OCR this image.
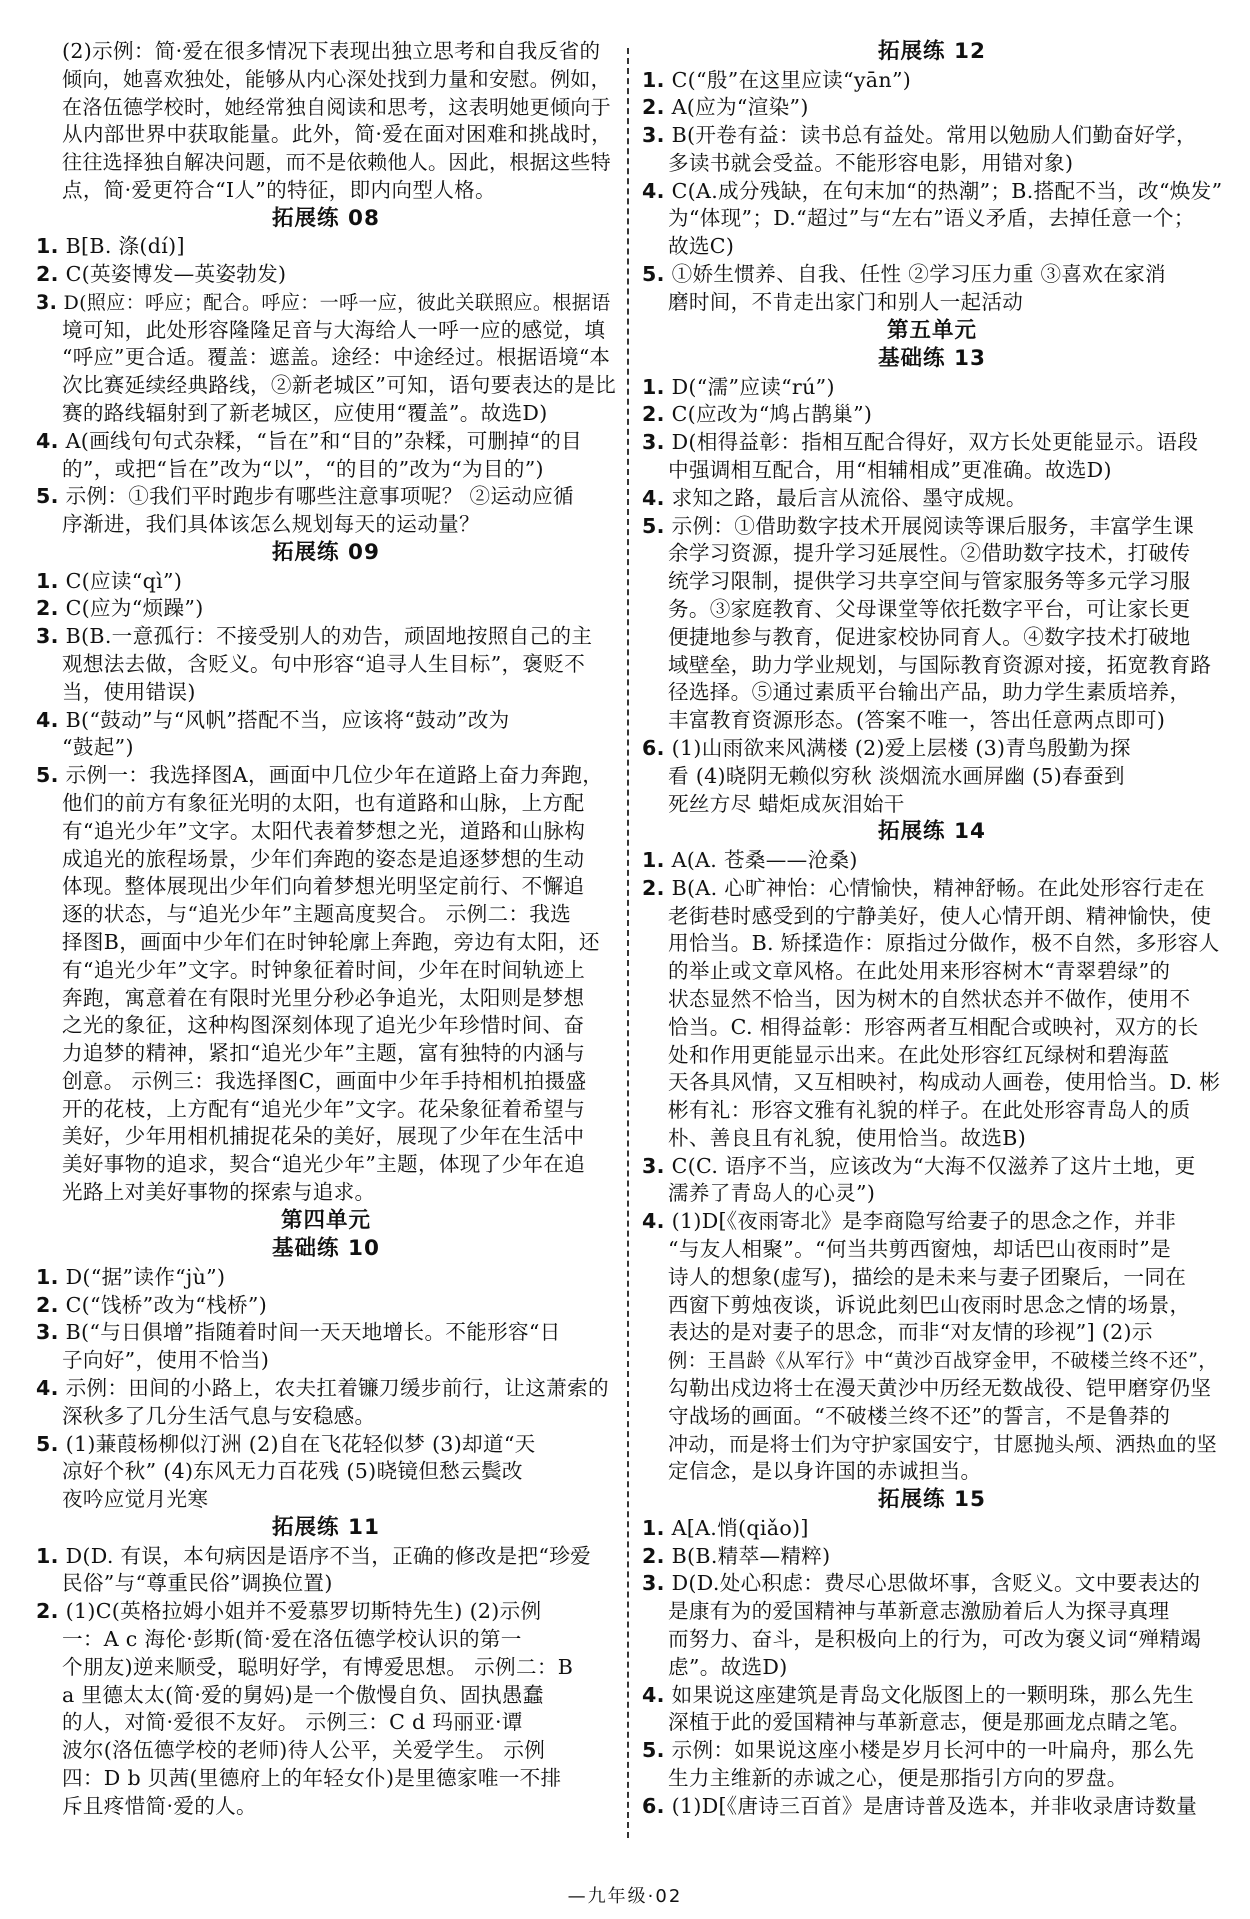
(2)示例：简·爱在很多情况下表现出独立思考和自我反省的
倾向，她喜欢独处，能够从内心深处找到力量和安慰。例如，
在洛伍德学校时，她经常独自阅读和思考，这表明她更倾向于
从内部世界中获取能量。此外，简·爱在面对困难和挑战时，
往往选择独自解决问题，而不是依赖他人。因此，根据这些特
点，简·爱更符合“I人”的特征，即内向型人格。
拓展练 08
1. B[B. 涤(dí)]
2. C(英姿博发—英姿勃发)
3. D(照应：呼应；配合。呼应：一呼一应，彼此关联照应。根据语
境可知，此处形容隆隆足音与大海给人一呼一应的感觉，填
“呼应”更合适。覆盖：遮盖。途经：中途经过。根据语境“本
次比赛延续经典路线，②新老城区”可知，语句要表达的是比
赛的路线辐射到了新老城区，应使用“覆盖”。故选D)
4. A(画线句句式杂糅，“旨在”和“目的”杂糅，可删掉“的目
的”，或把“旨在”改为“以”，“的目的”改为“为目的”)
5. 示例：①我们平时跑步有哪些注意事项呢？ ②运动应循
序渐进，我们具体该怎么规划每天的运动量？
拓展练 09
1. C(应读“qì”)
2. C(应为“烦躁”)
3. B(B.一意孤行：不接受别人的劝告，顽固地按照自己的主
观想法去做，含贬义。句中形容“追寻人生目标”，褒贬不
当，使用错误)
4. B(“鼓动”与“风帆”搭配不当，应该将“鼓动”改为
“鼓起”)
5. 示例一：我选择图A，画面中几位少年在道路上奋力奔跑，
他们的前方有象征光明的太阳，也有道路和山脉，上方配
有“追光少年”文字。太阳代表着梦想之光，道路和山脉构
成追光的旅程场景，少年们奔跑的姿态是追逐梦想的生动
体现。整体展现出少年们向着梦想光明坚定前行、不懈追
逐的状态，与“追光少年”主题高度契合。 示例二：我选
择图B，画面中少年们在时钟轮廓上奔跑，旁边有太阳，还
有“追光少年”文字。时钟象征着时间，少年在时间轨迹上
奔跑，寓意着在有限时光里分秒必争追光，太阳则是梦想
之光的象征，这种构图深刻体现了追光少年珍惜时间、奋
力追梦的精神，紧扣“追光少年”主题，富有独特的内涵与
创意。 示例三：我选择图C，画面中少年手持相机拍摄盛
开的花枝，上方配有“追光少年”文字。花朵象征着希望与
美好，少年用相机捕捉花朵的美好，展现了少年在生活中
美好事物的追求，契合“追光少年”主题，体现了少年在追
光路上对美好事物的探索与追求。
第四单元
基础练 10
1. D(“据”读作“jù”)
2. C(“饯桥”改为“栈桥”)
3. B(“与日俱增”指随着时间一天天地增长。不能形容“日
子向好”，使用不恰当)
4. 示例：田间的小路上，农夫扛着镰刀缓步前行，让这萧索的
深秋多了几分生活气息与安稳感。
5. (1)蒹葭杨柳似汀洲 (2)自在飞花轻似梦 (3)却道“天
凉好个秋” (4)东风无力百花残 (5)晓镜但愁云鬓改
夜吟应觉月光寒
拓展练 11
1. D(D. 有误，本句病因是语序不当，正确的修改是把“珍爱
民俗”与“尊重民俗”调换位置)
2. (1)C(英格拉姆小姐并不爱慕罗切斯特先生) (2)示例
一：A c 海伦·彭斯(简·爱在洛伍德学校认识的第一
个朋友)逆来顺受，聪明好学，有博爱思想。 示例二：B
a 里德太太(简·爱的舅妈)是一个傲慢自负、固执愚蠢
的人，对简·爱很不友好。 示例三：C d 玛丽亚·谭
波尔(洛伍德学校的老师)待人公平，关爱学生。 示例
四：D b 贝茜(里德府上的年轻女仆)是里德家唯一不排
斥且疼惜简·爱的人。
拓展练 12
1. C(“殷”在这里应读“yān”)
2. A(应为“渲染”)
3. B(开卷有益：读书总有益处。常用以勉励人们勤奋好学，
多读书就会受益。不能形容电影，用错对象)
4. C(A.成分残缺，在句末加“的热潮”；B.搭配不当，改“焕发”
为“体现”；D.“超过”与“左右”语义矛盾，去掉任意一个；
故选C)
5. ①娇生惯养、自我、任性 ②学习压力重 ③喜欢在家消
磨时间，不肯走出家门和别人一起活动
第五单元
基础练 13
1. D(“濡”应读“rú”)
2. C(应改为“鸠占鹊巢”)
3. D(相得益彰：指相互配合得好，双方长处更能显示。语段
中强调相互配合，用“相辅相成”更准确。故选D)
4. 求知之路，最后言从流俗、墨守成规。
5. 示例：①借助数字技术开展阅读等课后服务，丰富学生课
余学习资源，提升学习延展性。②借助数字技术，打破传
统学习限制，提供学习共享空间与管家服务等多元学习服
务。③家庭教育、父母课堂等依托数字平台，可让家长更
便捷地参与教育，促进家校协同育人。④数字技术打破地
域壁垒，助力学业规划，与国际教育资源对接，拓宽教育路
径选择。⑤通过素质平台输出产品，助力学生素质培养，
丰富教育资源形态。(答案不唯一，答出任意两点即可)
6. (1)山雨欲来风满楼 (2)爱上层楼 (3)青鸟殷勤为探
看 (4)晓阴无赖似穷秋 淡烟流水画屏幽 (5)春蚕到
死丝方尽 蜡炬成灰泪始干
拓展练 14
1. A(A. 苍桑——沧桑)
2. B(A. 心旷神怡：心情愉快，精神舒畅。在此处形容行走在
老街巷时感受到的宁静美好，使人心情开朗、精神愉快，使
用恰当。B. 矫揉造作：原指过分做作，极不自然，多形容人
的举止或文章风格。在此处用来形容树木“青翠碧绿”的
状态显然不恰当，因为树木的自然状态并不做作，使用不
恰当。C. 相得益彰：形容两者互相配合或映衬，双方的长
处和作用更能显示出来。在此处形容红瓦绿树和碧海蓝
天各具风情，又互相映衬，构成动人画卷，使用恰当。D. 彬
彬有礼：形容文雅有礼貌的样子。在此处形容青岛人的质
朴、善良且有礼貌，使用恰当。故选B)
3. C(C. 语序不当，应该改为“大海不仅滋养了这片土地，更
濡养了青岛人的心灵”)
4. (1)D[《夜雨寄北》是李商隐写给妻子的思念之作，并非
“与友人相聚”。“何当共剪西窗烛，却话巴山夜雨时”是
诗人的想象(虚写)，描绘的是未来与妻子团聚后，一同在
西窗下剪烛夜谈，诉说此刻巴山夜雨时思念之情的场景，
表达的是对妻子的思念，而非“对友情的珍视”] (2)示
例：王昌龄《从军行》中“黄沙百战穿金甲，不破楼兰终不还”，
勾勒出戍边将士在漫天黄沙中历经无数战役、铠甲磨穿仍坚
守战场的画面。“不破楼兰终不还”的誓言，不是鲁莽的
冲动，而是将士们为守护家国安宁，甘愿抛头颅、洒热血的坚
定信念，是以身许国的赤诚担当。
拓展练 15
1. A[A.悄(qiǎo)]
2. B(B.精萃—精粹)
3. D(D.处心积虑：费尽心思做坏事，含贬义。文中要表达的
是康有为的爱国精神与革新意志激励着后人为探寻真理
而努力、奋斗，是积极向上的行为，可改为褒义词“殚精竭
虑”。故选D)
4. 如果说这座建筑是青岛文化版图上的一颗明珠，那么先生
深植于此的爱国精神与革新意志，便是那画龙点睛之笔。
5. 示例：如果说这座小楼是岁月长河中的一叶扁舟，那么先
生力主维新的赤诚之心，便是那指引方向的罗盘。
6. (1)D[《唐诗三百首》是唐诗普及选本，并非收录唐诗数量
—九年级·02
